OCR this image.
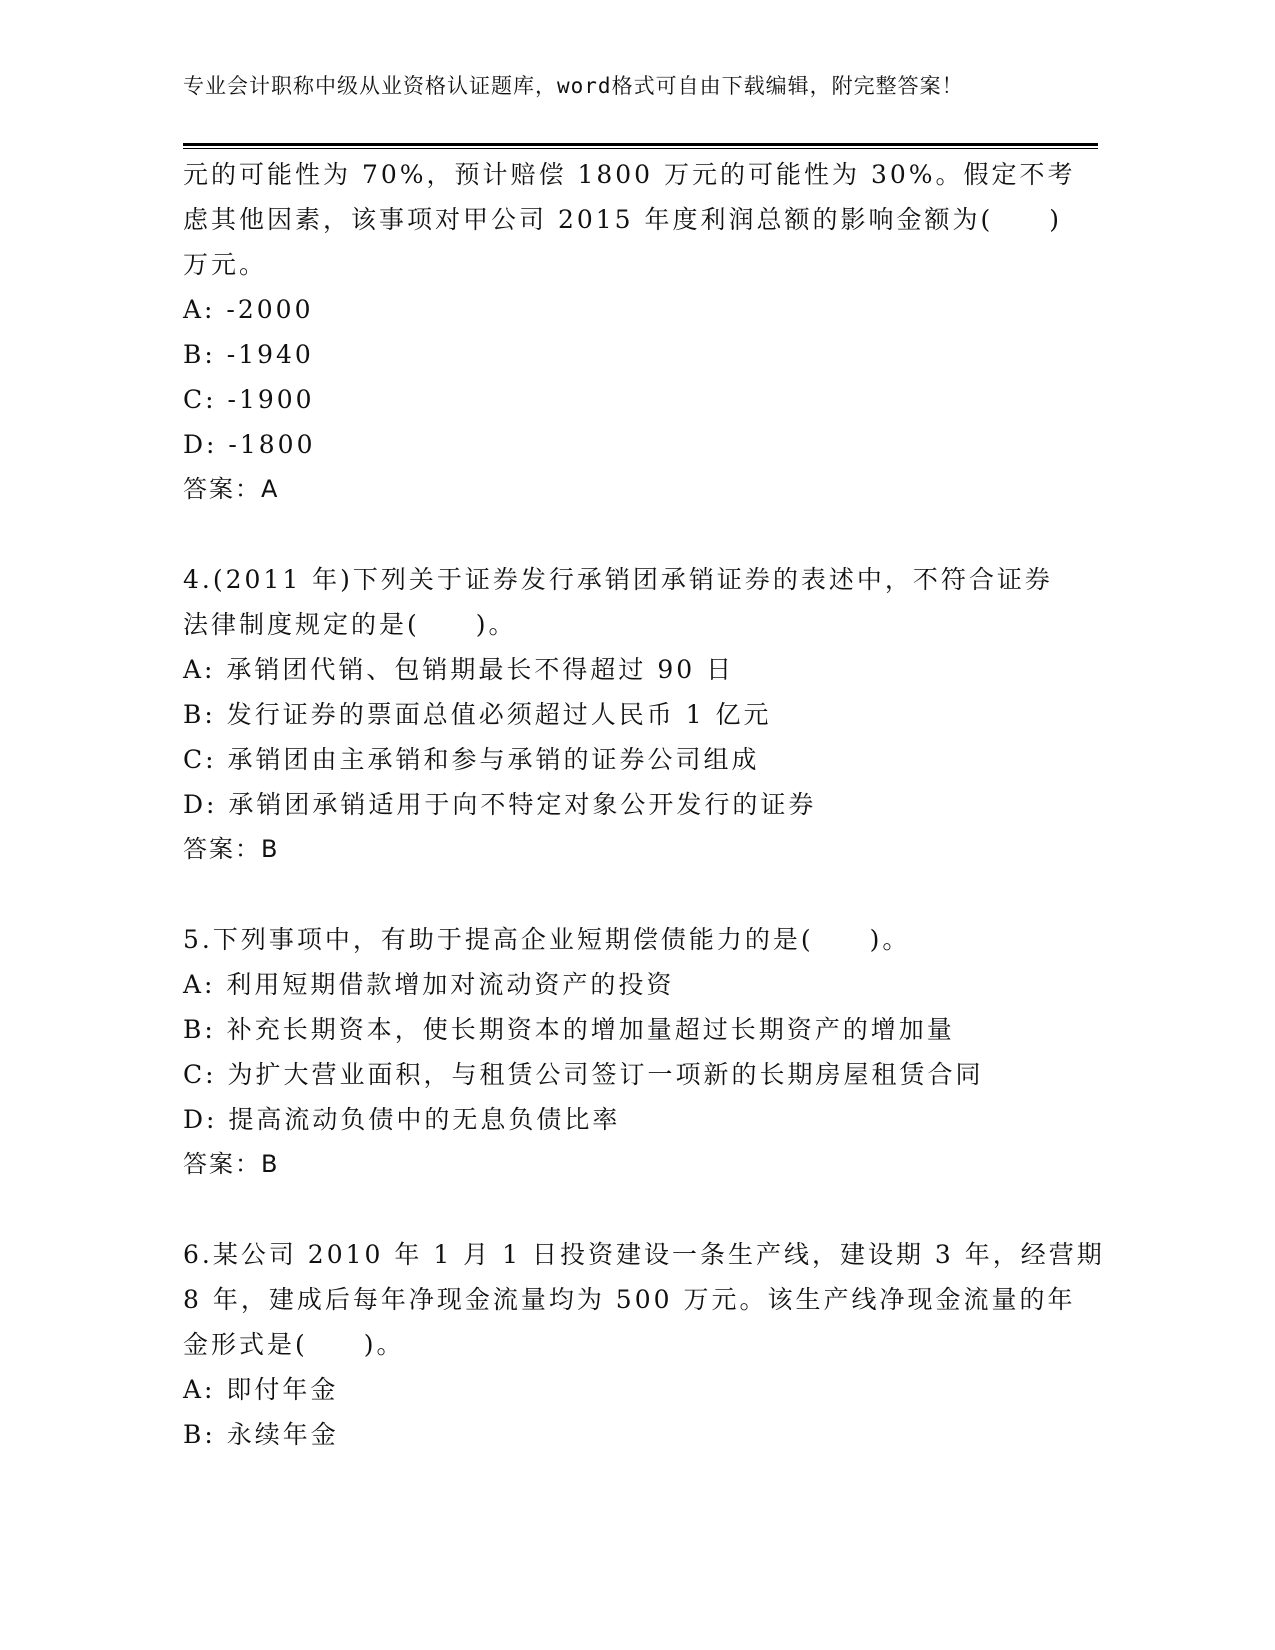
专业会计职称中级从业资格认证题库，word格式可自由下载编辑，附完整答案！
元的可能性为 70%，预计赔偿 1800 万元的可能性为 30%。假定不考
虑其他因素，该事项对甲公司 2015 年度利润总额的影响金额为(　　)
万元。
A: -2000
B: -1940
C: -1900
D: -1800
答案：A
4.(2011 年)下列关于证券发行承销团承销证券的表述中，不符合证券
法律制度规定的是(　　)。
A: 承销团代销、包销期最长不得超过 90 日
B: 发行证券的票面总值必须超过人民币 1 亿元
C: 承销团由主承销和参与承销的证券公司组成
D: 承销团承销适用于向不特定对象公开发行的证券
答案：B
5.下列事项中，有助于提高企业短期偿债能力的是(　　)。
A: 利用短期借款增加对流动资产的投资
B: 补充长期资本，使长期资本的增加量超过长期资产的增加量
C: 为扩大营业面积，与租赁公司签订一项新的长期房屋租赁合同
D: 提高流动负债中的无息负债比率
答案：B
6.某公司 2010 年 1 月 1 日投资建设一条生产线，建设期 3 年，经营期
8 年，建成后每年净现金流量均为 500 万元。该生产线净现金流量的年
金形式是(　　)。
A: 即付年金
B: 永续年金
